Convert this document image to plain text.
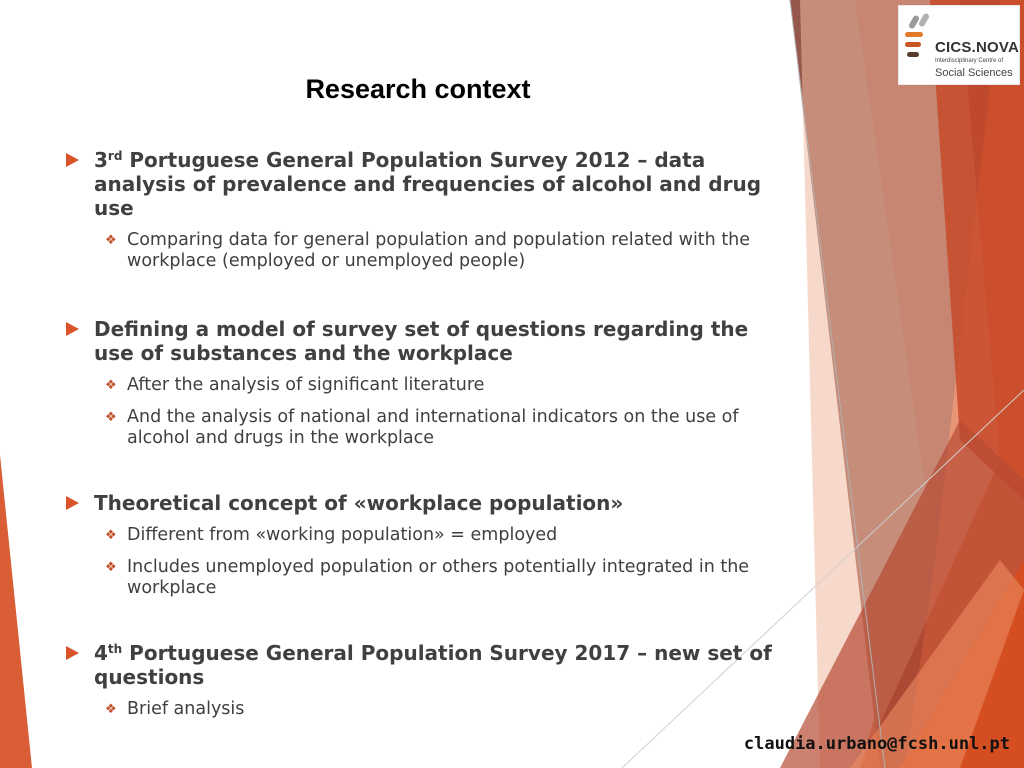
CICS.NOVA
Interdisciplinary Centre of
Social Sciences
Research context
3rd Portuguese General Population Survey 2012 – data analysis of prevalence and frequencies of alcohol and drug use
❖ Comparing data for general population and population related with the workplace (employed or unemployed people)
Defining a model of survey set of questions regarding the use of substances and the workplace
❖ After the analysis of significant literature
❖ And the analysis of national and international indicators on the use of alcohol and drugs in the workplace
Theoretical concept of «workplace population»
❖ Different from «working population» = employed
❖ Includes unemployed population or others potentially integrated in the workplace
4th Portuguese General Population Survey 2017 – new set of questions
❖ Brief analysis
claudia.urbano@fcsh.unl.pt
